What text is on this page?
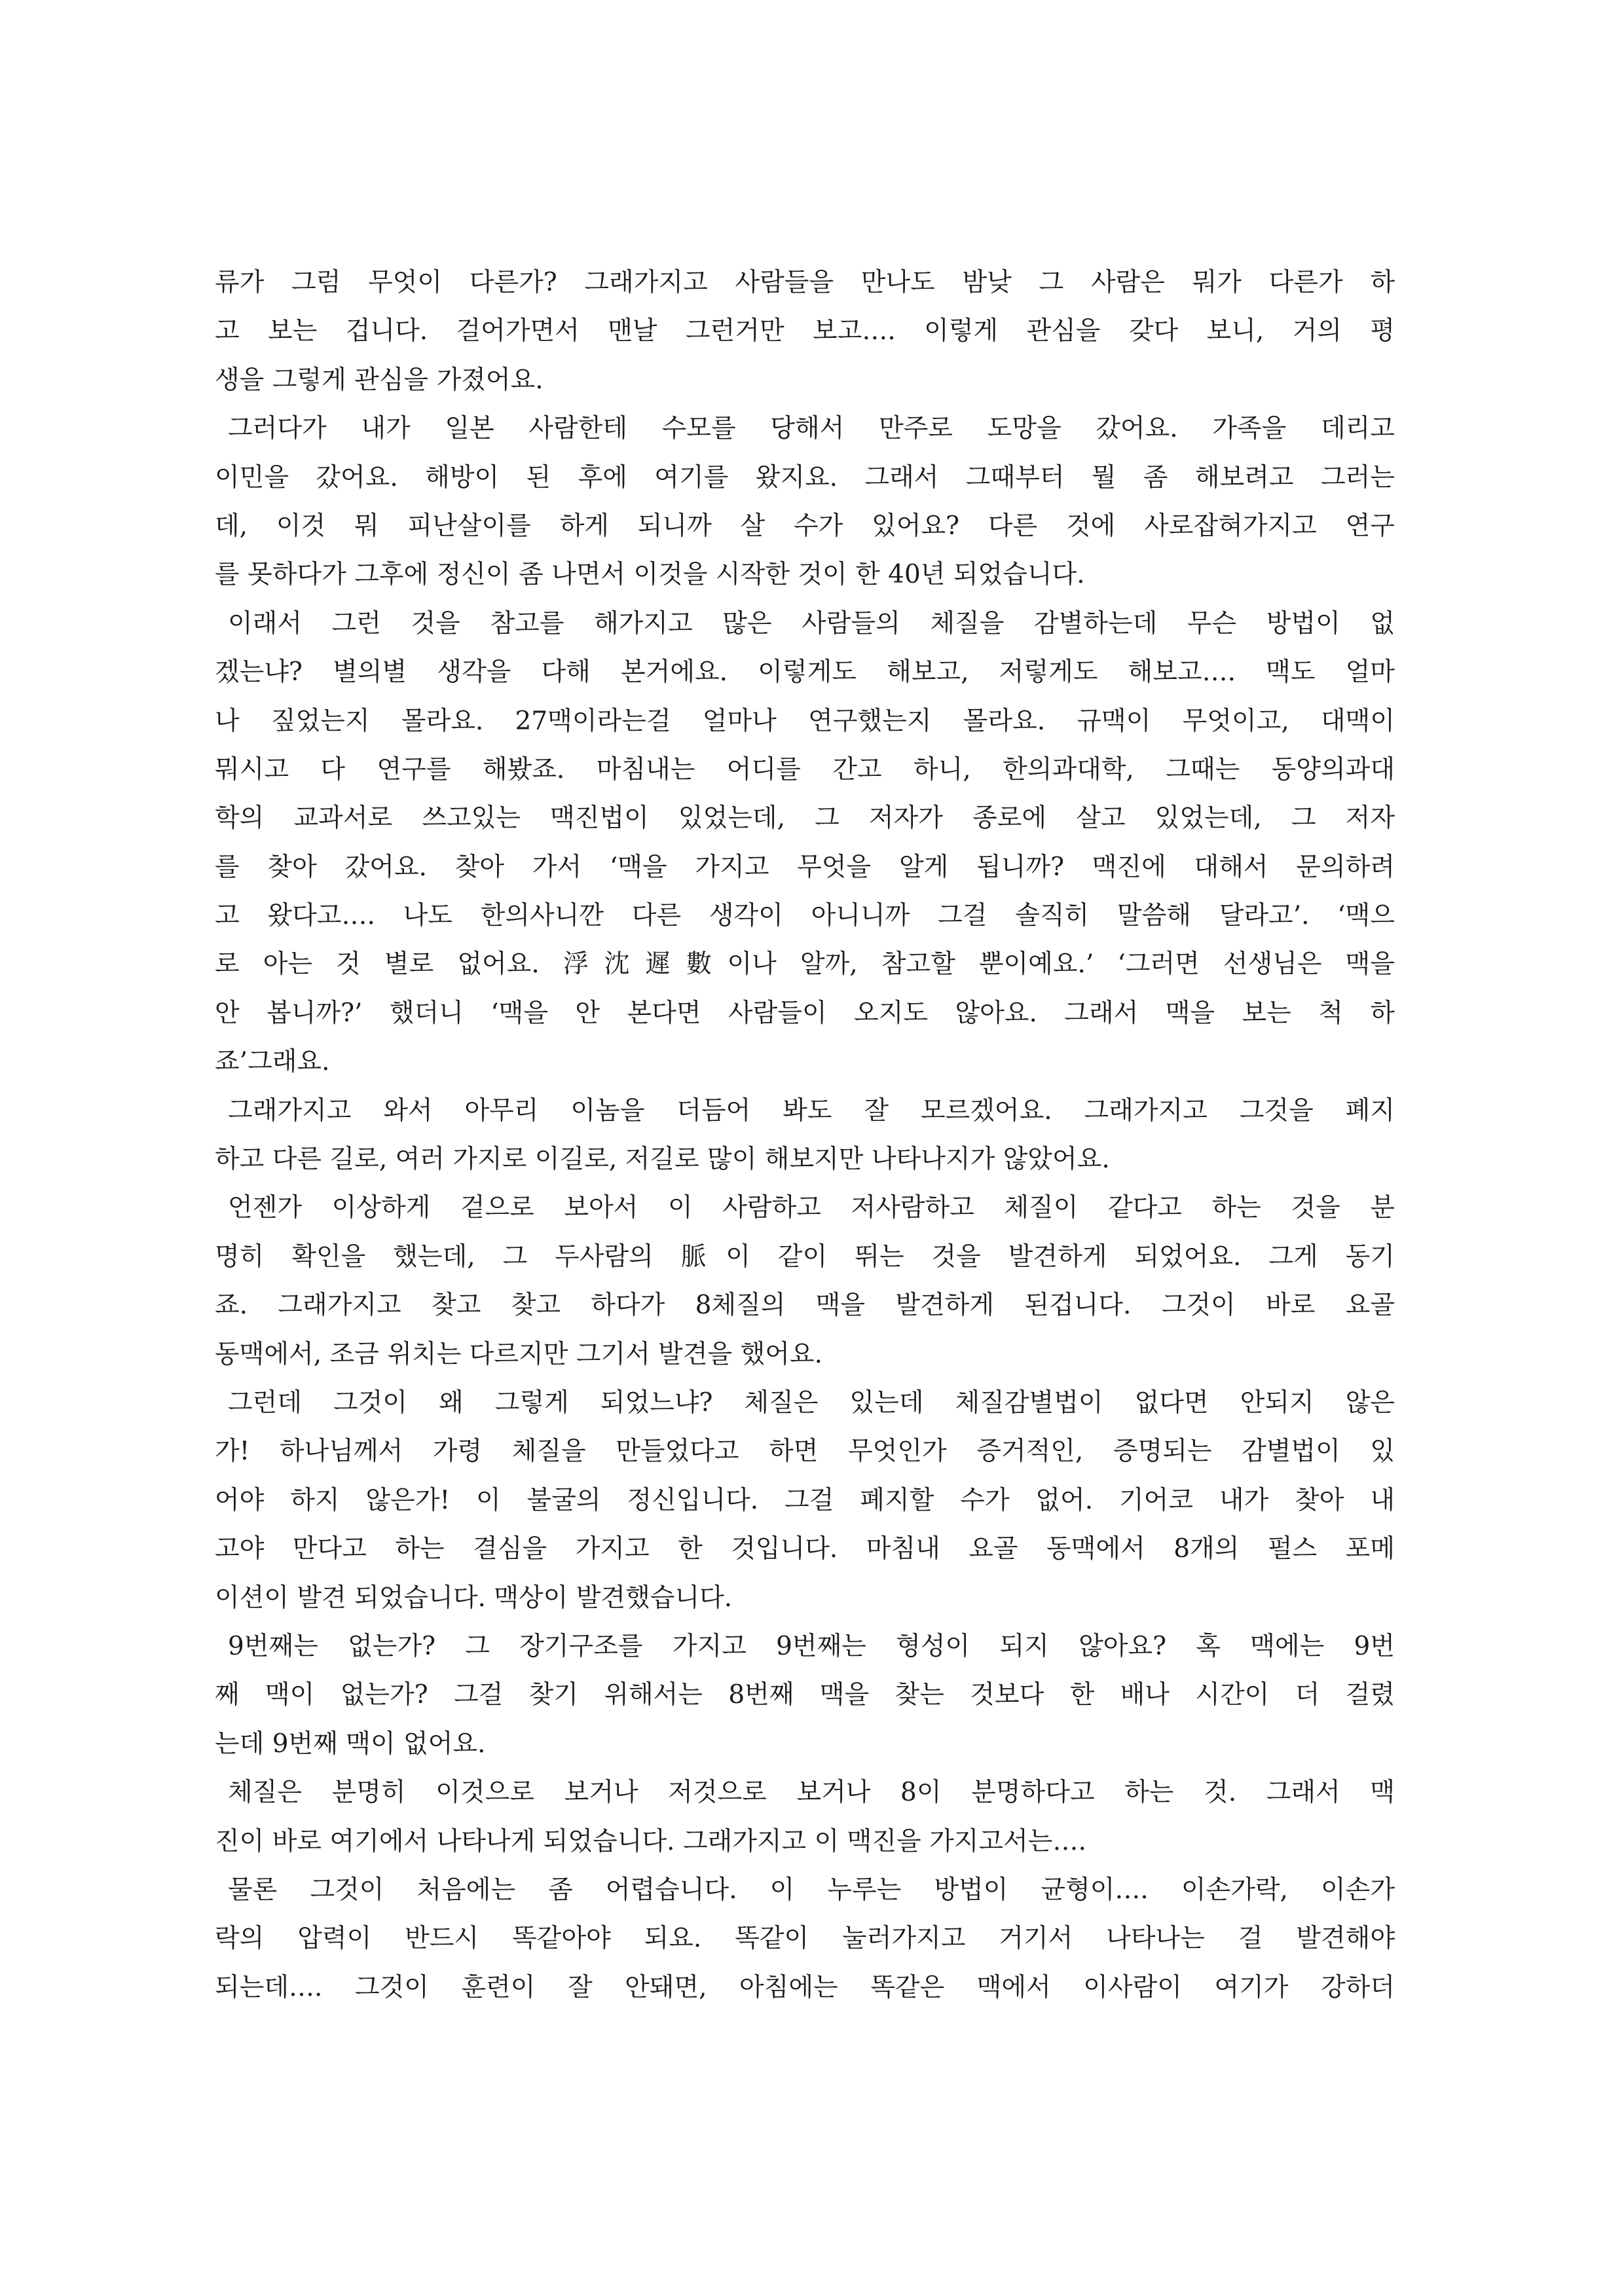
류가 그럼 무엇이 다른가? 그래가지고 사람들을 만나도 밤낮 그 사람은 뭐가 다른가 하
고 보는 겁니다. 걸어가면서 맨날 그런거만 보고…. 이렇게 관심을 갖다 보니, 거의 평
생을 그렇게 관심을 가졌어요.
그러다가 내가 일본 사람한테 수모를 당해서 만주로 도망을 갔어요. 가족을 데리고
이민을 갔어요. 해방이 된 후에 여기를 왔지요. 그래서 그때부터 뭘 좀 해보려고 그러는
데, 이것 뭐 피난살이를 하게 되니까 살 수가 있어요? 다른 것에 사로잡혀가지고 연구
를 못하다가 그후에 정신이 좀 나면서 이것을 시작한 것이 한 40년 되었습니다.
이래서 그런 것을 참고를 해가지고 많은 사람들의 체질을 감별하는데 무슨 방법이 없
겠는냐? 별의별 생각을 다해 본거에요. 이렇게도 해보고, 저렇게도 해보고…. 맥도 얼마
나 짚었는지 몰라요. 27맥이라는걸 얼마나 연구했는지 몰라요. 규맥이 무엇이고, 대맥이
뭐시고 다 연구를 해봤죠. 마침내는 어디를 간고 하니, 한의과대학, 그때는 동양의과대
학의 교과서로 쓰고있는 맥진법이 있었는데, 그 저자가 종로에 살고 있었는데, 그 저자
를 찾아 갔어요. 찾아 가서 ‘맥을 가지고 무엇을 알게 됩니까? 맥진에 대해서 문의하려
고 왔다고…. 나도 한의사니깐 다른 생각이 아니니까 그걸 솔직히 말씀해 달라고’. ‘맥으
로 아는 것 별로 없어요. 浮沈遲數이나 알까, 참고할 뿐이예요.’ ‘그러면 선생님은 맥을
안 봅니까?’ 했더니 ‘맥을 안 본다면 사람들이 오지도 않아요. 그래서 맥을 보는 척 하
죠’그래요.
그래가지고 와서 아무리 이놈을 더듬어 봐도 잘 모르겠어요. 그래가지고 그것을 폐지
하고 다른 길로, 여러 가지로 이길로, 저길로 많이 해보지만 나타나지가 않았어요.
언젠가 이상하게 겉으로 보아서 이 사람하고 저사람하고 체질이 같다고 하는 것을 분
명히 확인을 했는데, 그 두사람의 脈이 같이 뛰는 것을 발견하게 되었어요. 그게 동기
죠. 그래가지고 찾고 찾고 하다가 8체질의 맥을 발견하게 된겁니다. 그것이 바로 요골
동맥에서, 조금 위치는 다르지만 그기서 발견을 했어요.
그런데 그것이 왜 그렇게 되었느냐? 체질은 있는데 체질감별법이 없다면 안되지 않은
가! 하나님께서 가령 체질을 만들었다고 하면 무엇인가 증거적인, 증명되는 감별법이 있
어야 하지 않은가! 이 불굴의 정신입니다. 그걸 폐지할 수가 없어. 기어코 내가 찾아 내
고야 만다고 하는 결심을 가지고 한 것입니다. 마침내 요골 동맥에서 8개의 펄스 포메
이션이 발견 되었습니다. 맥상이 발견했습니다.
9번째는 없는가? 그 장기구조를 가지고 9번째는 형성이 되지 않아요? 혹 맥에는 9번
째 맥이 없는가? 그걸 찾기 위해서는 8번째 맥을 찾는 것보다 한 배나 시간이 더 걸렸
는데 9번째 맥이 없어요.
체질은 분명히 이것으로 보거나 저것으로 보거나 8이 분명하다고 하는 것. 그래서 맥
진이 바로 여기에서 나타나게 되었습니다. 그래가지고 이 맥진을 가지고서는….
물론 그것이 처음에는 좀 어렵습니다. 이 누루는 방법이 균형이…. 이손가락, 이손가
락의 압력이 반드시 똑같아야 되요. 똑같이 눌러가지고 거기서 나타나는 걸 발견해야
되는데…. 그것이 훈련이 잘 안돼면, 아침에는 똑같은 맥에서 이사람이 여기가 강하더
